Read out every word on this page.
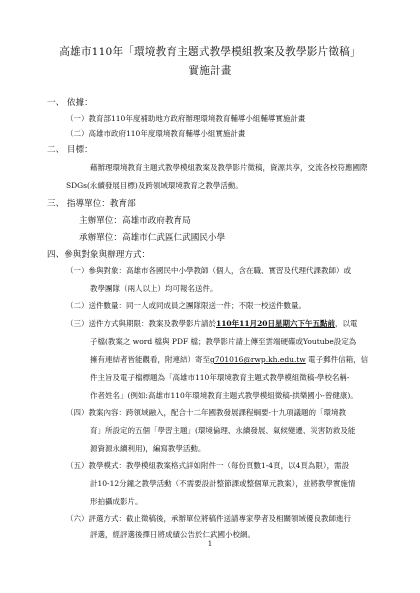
高雄市110年「環境教育主題式教學模組教案及教學影片徵稿」
實施計畫
一、 依據：
（一）教育部110年度補助地方政府辦理環境教育輔導小組輔導實施計畫
（二）高雄市政府110年度環境教育輔導小組實施計畫
二、 目標：
藉辦理環境教育主題式教學模組教案及教學影片徵稿，資源共享，交流各校符應國際
SDGs(永續發展目標)及跨領域環境教育之教學活動。
三、 指導單位：教育部
主辦單位：高雄市政府教育局
承辦單位：高雄市仁武區仁武國民小學
四、參與對象與辦理方式：
（一）參與對象：高雄市各國民中小學教師（個人，含在職、實習及代理代課教師）或
教學團隊（兩人以上）均可報名送件。
（二）送件數量：同一人或同成員之團隊限送一件；不限一校送件數量。
（三）送件方式與期限：教案及教學影片請於110年11月20日星期六下午五點前，以電
子檔(教案之 word 檔與 PDF 檔；教學影片請上傳至雲端硬碟或Youtube設定為
擁有連結者皆能觀看，附連結）寄至g701016@rwp.kh.edu.tw 電子郵件信箱，信
件主旨及電子檔標題為「高雄市110年環境教育主題式教學模組徵稿-學校名稱-
作者姓名」(例如:高雄市110年環境教育主題式教學模組徵稿-拱樂國小-曾健康)。
（四）教案內容：跨領域融入，配合十二年國教發展課程綱要-十九項議題的「環境教
育」所設定的五個「學習主題」(環境倫理、永續發展、氣候變遷、災害防救及能
源資源永續利用)，編寫教學活動。
（五）教學模式：教學模組教案格式詳如附件一（每份頁數1-4頁，以4頁為限），需設
計10-12分鐘之教學活動（不需要設計整節課或整個單元教案），並將教學實施情
形拍攝成影片。
（六）評選方式：截止徵稿後，承辦單位將稿件送請專家學者及相關領域優良教師進行
評選，經評選後擇日將成績公告於仁武國小校網。
1
